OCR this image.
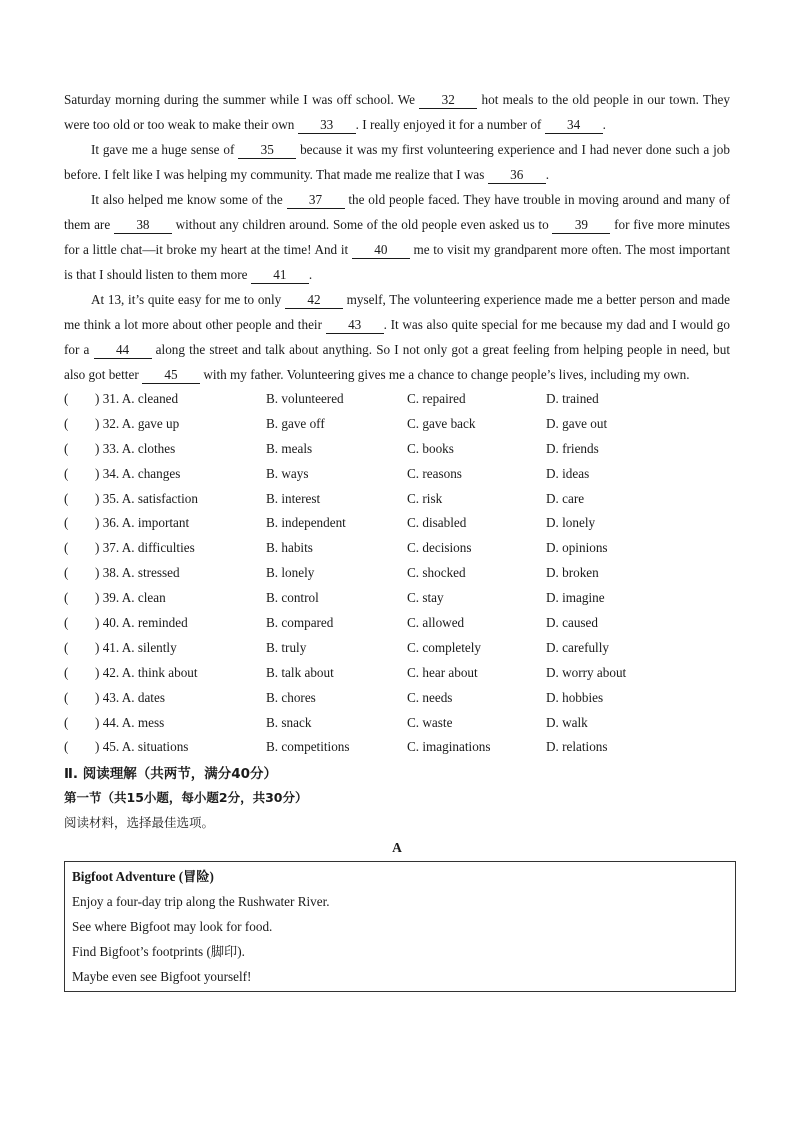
Saturday morning during the summer while I was off school. We 32 hot meals to the old people in our town. They were too old or too weak to make their own 33 . I really enjoyed it for a number of 34 .

It gave me a huge sense of 35 because it was my first volunteering experience and I had never done such a job before. I felt like I was helping my community. That made me realize that I was 36 .

It also helped me know some of the 37 the old people faced. They have trouble in moving around and many of them are 38 without any children around. Some of the old people even asked us to 39 for five more minutes for a little chat—it broke my heart at the time! And it 40 me to visit my grandparent more often. The most important is that I should listen to them more 41 .

At 13, it’s quite easy for me to only 42 myself, The volunteering experience made me a better person and made me think a lot more about other people and their 43 . It was also quite special for me because my dad and I would go for a 44 along the street and talk about anything. So I not only got a great feeling from helping people in need, but also got better 45 with my father. Volunteering gives me a chance to change people’s lives, including my own.

( ) 31. A. cleaned	B. volunteered	C. repaired	D. trained
( ) 32. A. gave up	B. gave off	C. gave back	D. gave out
( ) 33. A. clothes	B. meals	C. books	D. friends
( ) 34. A. changes	B. ways	C. reasons	D. ideas
( ) 35. A. satisfaction	B. interest	C. risk	D. care
( ) 36. A. important	B. independent	C. disabled	D. lonely
( ) 37. A. difficulties	B. habits	C. decisions	D. opinions
( ) 38. A. stressed	B. lonely	C. shocked	D. broken
( ) 39. A. clean	B. control	C. stay	D. imagine
( ) 40. A. reminded	B. compared	C. allowed	D. caused
( ) 41. A. silently	B. truly	C. completely	D. carefully
( ) 42. A. think about	B. talk about	C. hear about	D. worry about
( ) 43. A. dates	B. chores	C. needs	D. hobbies
( ) 44. A. mess	B. snack	C. waste	D. walk
( ) 45. A. situations	B. competitions	C. imaginations	D. relations
Ⅱ. 阅读理解（共两节，满分40分）
第一节（共15小题，每小题2分，共30分）
阅读材料，选择最佳选项。
A
Bigfoot Adventure (冒险)
Enjoy a four-day trip along the Rushwater River.
See where Bigfoot may look for food.
Find Bigfoot’s footprints (脚印).
Maybe even see Bigfoot yourself!
